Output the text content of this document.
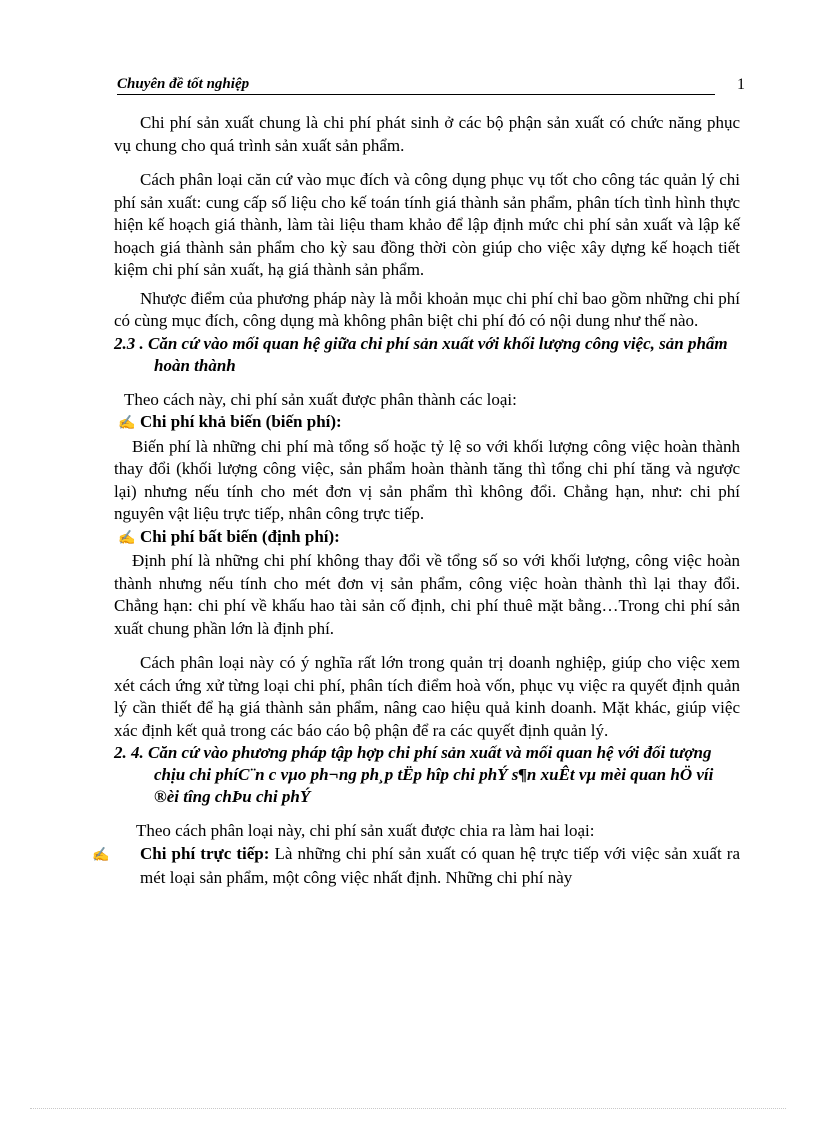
Chuyên đề tốt nghiệp	1

Chi phí sản xuất chung là chi phí phát sinh ở các bộ phận sản xuất có chức năng phục vụ chung cho quá trình sản xuất sản phẩm.

Cách phân loại căn cứ vào mục đích và công dụng phục vụ tốt cho công tác quản lý chi phí sản xuất: cung cấp số liệu cho kế toán tính giá thành sản phẩm, phân tích tình hình thực hiện kế hoạch giá thành, làm tài liệu tham khảo để lập định mức chi phí sản xuất và lập kế hoạch giá thành sản phẩm cho kỳ sau đồng thời còn giúp cho việc xây dựng kế hoạch tiết kiệm chi phí sản xuất, hạ giá thành sản phẩm.

Nhược điểm của phương pháp này là mỗi khoản mục chi phí chỉ bao gồm những chi phí có cùng mục đích, công dụng mà không phân biệt chi phí đó có nội dung như thế nào.

2.3 . Căn cứ vào mối quan hệ giữa chi phí sản xuất với khối lượng công việc, sản phẩm hoàn thành

Theo cách này, chi phí sản xuất được phân thành các loại:

✍ Chi phí khả biến (biến phí):

Biến phí là những chi phí mà tổng số hoặc tỷ lệ so với khối lượng công việc hoàn thành thay đổi (khối lượng công việc, sản phẩm hoàn thành tăng thì tổng chi phí tăng và ngược lại) nhưng nếu tính cho mét đơn vị sản phẩm thì không đổi. Chẳng hạn, như: chi phí nguyên vật liệu trực tiếp, nhân công trực tiếp.

✍ Chi phí bất biến (định phí):

Định phí là những chi phí không thay đổi về tổng số so với khối lượng, công việc hoàn thành nhưng nếu tính cho mét đơn vị sản phẩm, công việc hoàn thành thì lại thay đổi. Chẳng hạn: chi phí về khấu hao tài sản cố định, chi phí thuê mặt bằng…Trong chi phí sản xuất chung phần lớn là định phí.

Cách phân loại này có ý nghĩa rất lớn trong quản trị doanh nghiệp, giúp cho việc xem xét cách ứng xử từng loại chi phí, phân tích điểm hoà vốn, phục vụ việc ra quyết định quản lý cần thiết để hạ giá thành sản phẩm, nâng cao hiệu quả kinh doanh. Mặt khác, giúp việc xác định kết quả trong các báo cáo bộ phận để ra các quyết định quản lý.

2. 4. Căn cứ vào phương pháp tập hợp chi phí sản xuất và mối quan hệ với đối tượng chịu chi phíC¨n c vµo ph¬ng ph¸p tËp hîp chi phÝ s¶n xuÊt vµ mèi quan hÖ víi ®èi tîng chÞu chi phÝ

Theo cách phân loại này, chi phí sản xuất được chia ra làm hai loại:

✍ Chi phí trực tiếp: Là những chi phí sản xuất có quan hệ trực tiếp với việc sản xuất ra mét loại sản phẩm, một công việc nhất định. Những chi phí này
